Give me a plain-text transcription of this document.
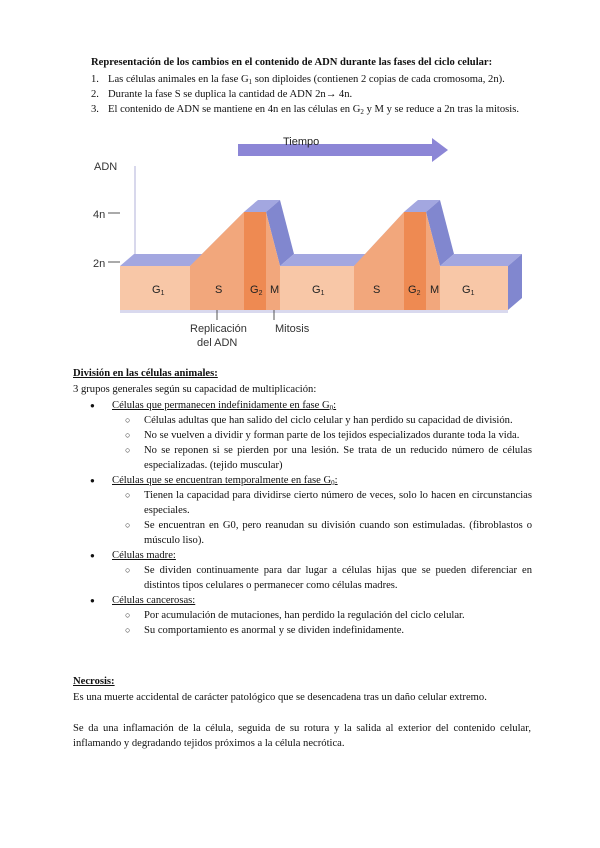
Representación de los cambios en el contenido de ADN durante las fases del ciclo celular:
1. Las células animales en la fase $G_1$ son diploides (contienen 2 copias de cada cromosoma, 2n).
2. Durante la fase S se duplica la cantidad de ADN 2n→ 4n.
3. El contenido de ADN se mantiene en 4n en las células en $G_2$ y M y se reduce a 2n tras la mitosis.
Tiempo
ADN
4n
2n
G1	S	G2 M	G1	S	G2 M G1
Replicación
del ADN
Mitosis
División en las células animales:
3 grupos generales según su capacidad de multiplicación:
●	Células que permanecen indefinidamente en fase $G_0$:
○	Células adultas que han salido del ciclo celular y han perdido su capacidad de división.
○	No se vuelven a dividir y forman parte de los tejidos especializados durante toda la vida.
○	No se reponen si se pierden por una lesión. Se trata de un reducido número de células especializadas. (tejido muscular)
●	Células que se encuentran temporalmente en fase $G_0$:
○	Tienen la capacidad para dividirse cierto número de veces, solo lo hacen en circunstancias especiales.
○	Se encuentran en G0, pero reanudan su división cuando son estimuladas. (fibroblastos o músculo liso).
●	Células madre:
○	Se dividen continuamente para dar lugar a células hijas que se pueden diferenciar en distintos tipos celulares o permanecer como células madres.
●	Células cancerosas:
○	Por acumulación de mutaciones, han perdido la regulación del ciclo celular.
○	Su comportamiento es anormal y se dividen indefinidamente.
Necrosis:
Es una muerte accidental de carácter patológico que se desencadena tras un daño celular extremo.
Se da una inflamación de la célula, seguida de su rotura y la salida al exterior del contenido celular, inflamando y degradando tejidos próximos a la célula necrótica.
